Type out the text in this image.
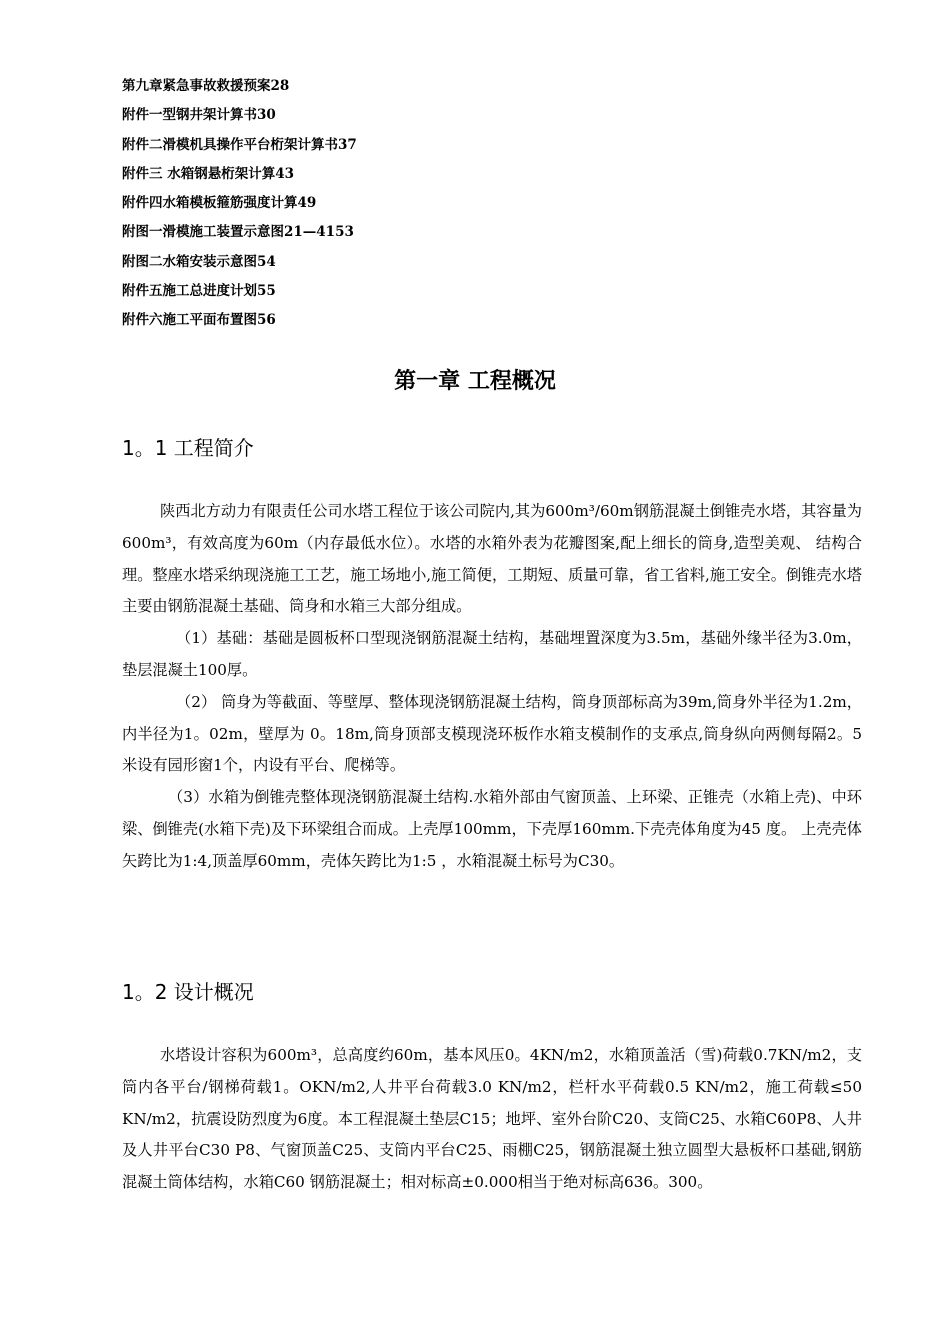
第九章紧急事故救援预案28
附件一型钢井架计算书30
附件二滑模机具操作平台桁架计算书37
附件三 水箱钢悬桁架计算43
附件四水箱模板箍筋强度计算49
附图一滑模施工装置示意图21—4153
附图二水箱安装示意图54
附件五施工总进度计划55
附件六施工平面布置图56
第一章 工程概况
1。1 工程简介

陕西北方动力有限责任公司水塔工程位于该公司院内,其为600m³/60m钢筋混凝土倒锥壳水塔，其容量为600m³，有效高度为60m（内存最低水位）。水塔的水箱外表为花瓣图案,配上细长的筒身,造型美观、 结构合理。整座水塔采纳现浇施工工艺，施工场地小,施工简便，工期短、质量可靠，省工省料,施工安全。倒锥壳水塔主要由钢筋混凝土基础、筒身和水箱三大部分组成。

（1）基础：基础是圆板杯口型现浇钢筋混凝土结构，基础埋置深度为3.5m，基础外缘半径为3.0m，垫层混凝土100厚。

（2） 筒身为等截面、等壁厚、整体现浇钢筋混凝土结构，筒身顶部标高为39m,筒身外半径为1.2m，内半径为1。02m，壁厚为 0。18m,筒身顶部支模现浇环板作水箱支模制作的支承点,筒身纵向两侧每隔2。5米设有园形窗1个，内设有平台、爬梯等。

（3）水箱为倒锥壳整体现浇钢筋混凝土结构.水箱外部由气窗顶盖、上环梁、正锥壳（水箱上壳)、中环梁、倒锥壳(水箱下壳)及下环梁组合而成。上壳厚100mm，下壳厚160mm.下壳壳体角度为45 度。 上壳壳体矢跨比为1:4,顶盖厚60mm，壳体矢跨比为1:5 ，水箱混凝土标号为C30。

1。2 设计概况

水塔设计容积为600m³，总高度约60m，基本风压0。4KN/m2，水箱顶盖活（雪)荷载0.7KN/m2，支筒内各平台/钢梯荷载1。OKN/m2,人井平台荷载3.0 KN/m2，栏杆水平荷载0.5 KN/m2，施工荷载≤50 KN/m2，抗震设防烈度为6度。本工程混凝土垫层C15；地坪、室外台阶C20、支筒C25、水箱C60P8、人井及人井平台C30 P8、气窗顶盖C25、支筒内平台C25、雨棚C25，钢筋混凝土独立圆型大悬板杯口基础,钢筋混凝土筒体结构，水箱C60 钢筋混凝土；相对标高±0.000相当于绝对标高636。300。
